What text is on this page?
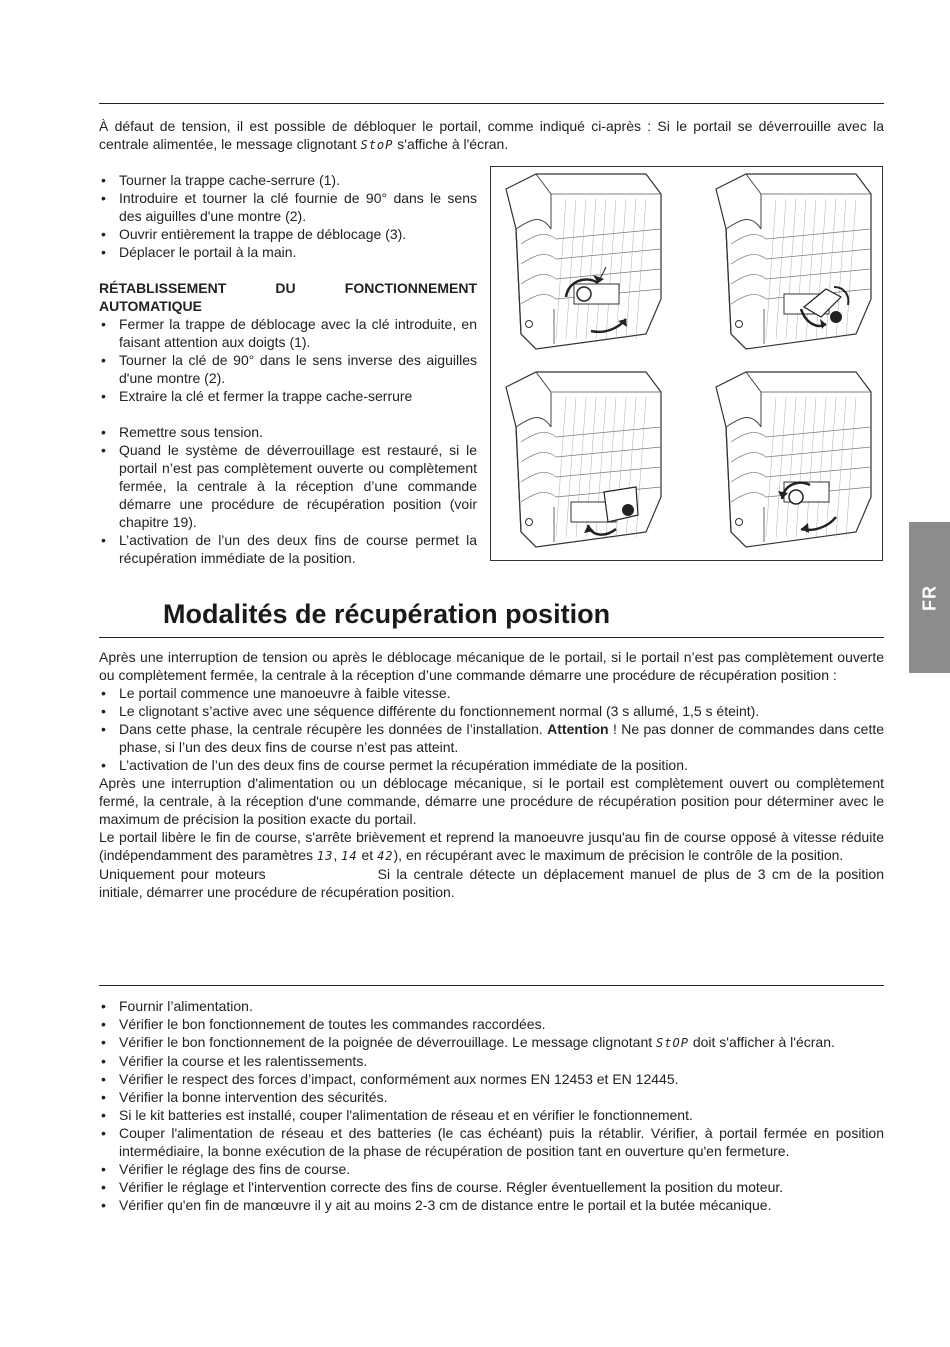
À défaut de tension, il est possible de débloquer le portail, comme indiqué ci-après : Si le portail se déverrouille avec la centrale alimentée, le message clignotant StoP s'affiche à l'écran.
• Tourner la trappe cache-serrure (1).
• Introduire et tourner la clé fournie de 90° dans le sens des aiguilles d'une montre (2).
• Ouvrir entièrement la trappe de déblocage (3).
• Déplacer le portail à la main.
RÉTABLISSEMENT DU FONCTIONNEMENT
AUTOMATIQUE
• Fermer la trappe de déblocage avec la clé introduite, en faisant attention aux doigts (1).
• Tourner la clé de 90° dans le sens inverse des aiguilles d'une montre (2).
• Extraire la clé et fermer la trappe cache-serrure
• Remettre sous tension.
• Quand le système de déverrouillage est restauré, si le portail n’est pas complètement ouverte ou complètement fermée, la centrale à la réception d’une commande démarre une procédure de récupération position (voir chapitre 19).
• L’activation de l’un des deux fins de course permet la récupération immédiate de la position.
FR
Modalités de récupération position
Après une interruption de tension ou après le déblocage mécanique de le portail, si le portail n’est pas complètement ouverte ou complètement fermée, la centrale à la réception d’une commande démarre une procédure de récupération position :
• Le portail commence une manoeuvre à faible vitesse.
• Le clignotant s’active avec une séquence différente du fonctionnement normal (3 s allumé, 1,5 s éteint).
• Dans cette phase, la centrale récupère les données de l’installation. Attention ! Ne pas donner de commandes dans cette phase, si l’un des deux fins de course n’est pas atteint.
• L’activation de l’un des deux fins de course permet la récupération immédiate de la position.
Après une interruption d'alimentation ou un déblocage mécanique, si le portail est complètement ouvert ou complètement fermé, la centrale, à la réception d'une commande, démarre une procédure de récupération position pour déterminer avec le maximum de précision la position exacte du portail.
Le portail libère le fin de course, s'arrête brièvement et reprend la manoeuvre jusqu'au fin de course opposé à vitesse réduite (indépendamment des paramètres 13, 14 et 42), en récupérant avec le maximum de précision le contrôle de la position.
Uniquement pour moteurs	Si la centrale détecte un déplacement manuel de plus de 3 cm de la position initiale, démarrer une procédure de récupération position.
• Fournir l’alimentation.
• Vérifier le bon fonctionnement de toutes les commandes raccordées.
• Vérifier le bon fonctionnement de la poignée de déverrouillage. Le message clignotant StOP doit s'afficher à l'écran.
• Vérifier la course et les ralentissements.
• Vérifier le respect des forces d’impact, conformément aux normes EN 12453 et EN 12445.
• Vérifier la bonne intervention des sécurités.
• Si le kit batteries est installé, couper l'alimentation de réseau et en vérifier le fonctionnement.
• Couper l'alimentation de réseau et des batteries (le cas échéant) puis la rétablir. Vérifier, à portail fermée en position intermédiaire, la bonne exécution de la phase de récupération de position tant en ouverture qu'en fermeture.
• Vérifier le réglage des fins de course.
• Vérifier le réglage et l'intervention correcte des fins de course. Régler éventuellement la position du moteur.
• Vérifier qu'en fin de manœuvre il y ait au moins 2-3 cm de distance entre le portail et la butée mécanique.
